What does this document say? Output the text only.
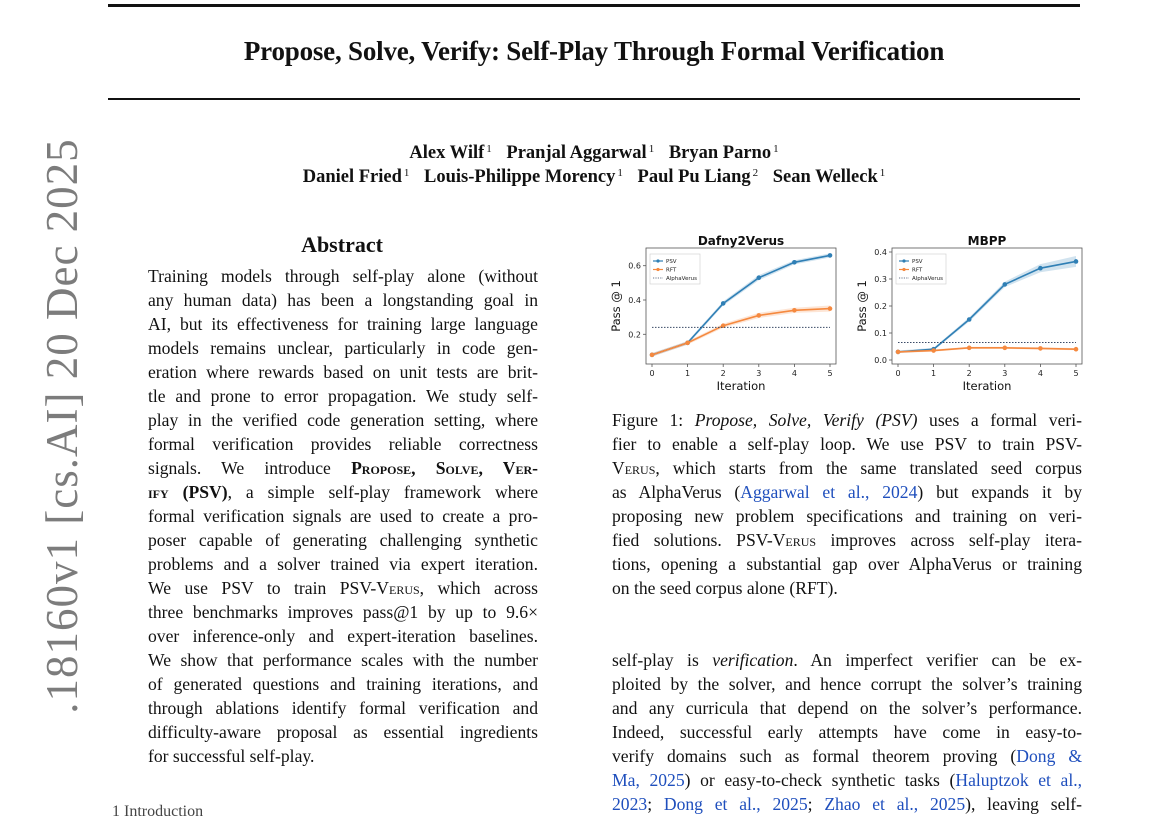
Propose, Solve, Verify: Self-Play Through Formal Verification
Alex Wilf $^1$ Pranjal Aggarwal $^1$ Bryan Parno $^1$
Daniel Fried $^1$ Louis-Philippe Morency $^1$ Paul Pu Liang $^2$ Sean Welleck $^1$
.18160v1 [cs.AI] 20 Dec 2025	Abstract
Training models through self-play alone (without
any human data) has been a longstanding goal in
AI, but its effectiveness for training large language
models remains unclear, particularly in code gen-
eration where rewards based on unit tests are brit-
tle and prone to error propagation. We study self-
play in the verified code generation setting, where
formal verification provides reliable correctness
signals. We introduce Propose, Solve, Ver-
ify (PSV), a simple self-play framework where
formal verification signals are used to create a pro-
poser capable of generating challenging synthetic
problems and a solver trained via expert iteration.
We use PSV to train PSV-Verus, which across
three benchmarks improves pass@1 by up to 9.6×
over inference-only and expert-iteration baselines.
We show that performance scales with the number
of generated questions and training iterations, and
through ablations identify formal verification and
difficulty-aware proposal as essential ingredients
for successful self-play.
Dafny2Verus
0	1	2	3	4	5
0.2
0.4
0.6
Iteration
Pass @ 1
PSV
RFT
AlphaVerus
MBPP
0	1	2	3	4	5
0.0
0.1
0.2
0.3
0.4
Iteration
Pass @ 1
PSV
RFT
AlphaVerus
Figure 1: Propose, Solve, Verify (PSV) uses a formal veri-
fier to enable a self-play loop. We use PSV to train PSV-
Verus, which starts from the same translated seed corpus
as AlphaVerus (Aggarwal et al., 2024) but expands it by
proposing new problem specifications and training on veri-
fied solutions. PSV-Verus improves across self-play itera-
tions, opening a substantial gap over AlphaVerus or training
on the seed corpus alone (RFT).
self-play is verification. An imperfect verifier can be ex-
ploited by the solver, and hence corrupt the solver’s training
and any curricula that depend on the solver’s performance.
Indeed, successful early attempts have come in easy-to-
verify domains such as formal theorem proving (Dong &
Ma, 2025) or easy-to-check synthetic tasks (Haluptzok et al.,
2023; Dong et al., 2025; Zhao et al., 2025), leaving self-
1 Introduction
